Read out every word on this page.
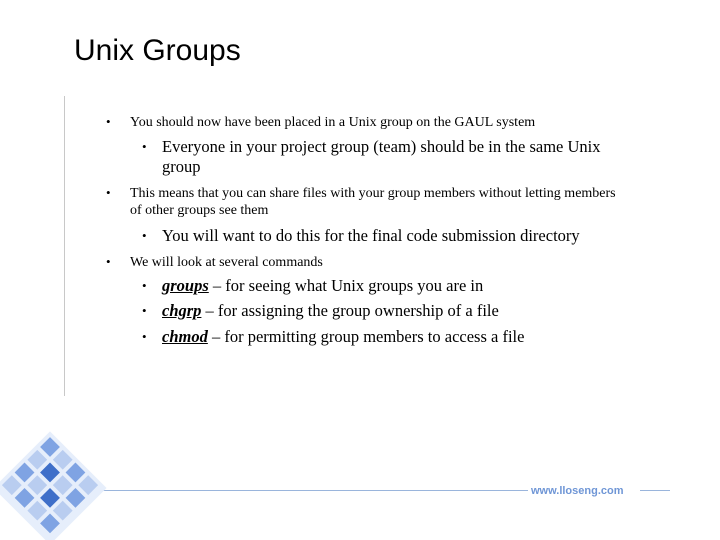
Unix Groups
• You should now have been placed in a Unix group on the GAUL system
• Everyone in your project group (team) should be in the same Unix group
• This means that you can share files with your group members without letting members of other groups see them
• You will want to do this for the final code submission directory
• We will look at several commands
• groups – for seeing what Unix groups you are in
• chgrp – for assigning the group ownership of a file
• chmod – for permitting group members to access a file
www.lloseng.com
